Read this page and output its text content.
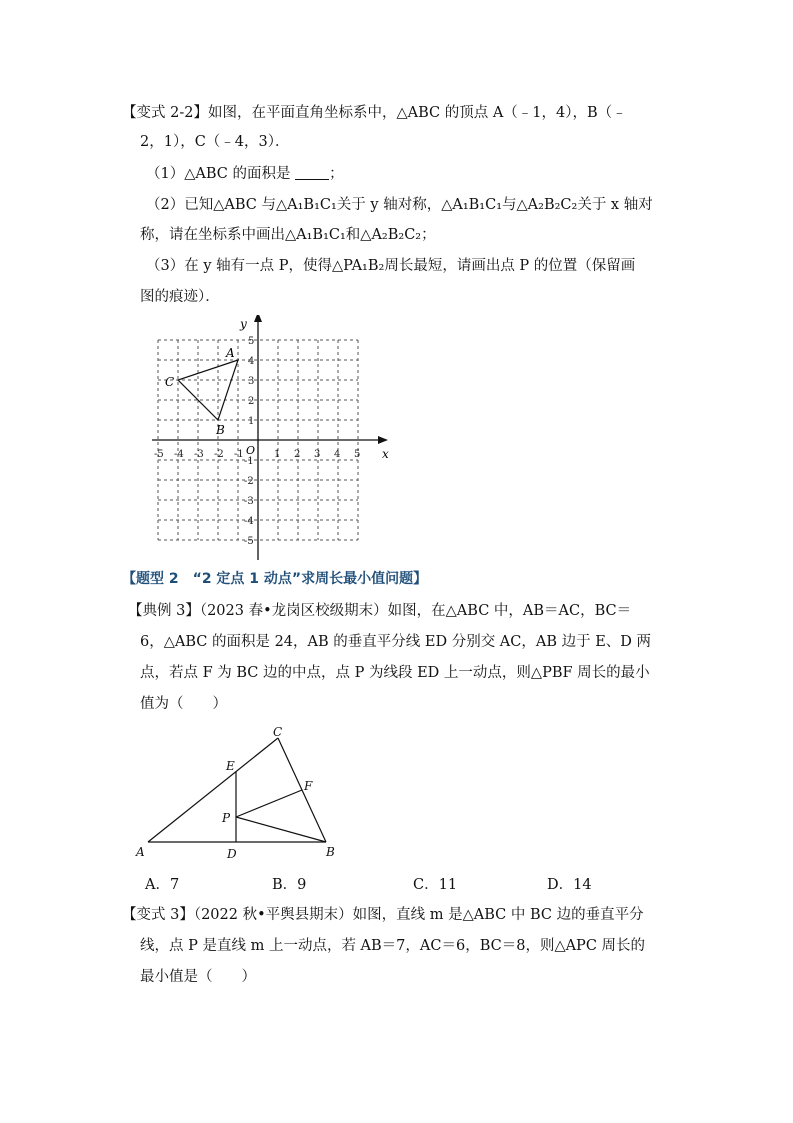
【变式 2-2】如图，在平面直角坐标系中，△ABC 的顶点 A（﹣1，4），B（﹣
2，1），C（﹣4，3）．
（1）△ABC 的面积是	；
（2）已知△ABC 与△A₁B₁C₁关于 y 轴对称，△A₁B₁C₁与△A₂B₂C₂关于 x 轴对
称，请在坐标系中画出△A₁B₁C₁和△A₂B₂C₂；
（3）在 y 轴有一点 P，使得△PA₁B₂周长最短，请画出点 P 的位置（保留画
图的痕迹）．
x
y
O
-5 -4 -3 -2 -1	1 2 3 4 5
5
4
3
2
1
-1
-2
-3
-4
-5
A
B
C
【题型 2　“2 定点 1 动点”求周长最小值问题】
【典例 3】（2023 春•龙岗区校级期末）如图，在△ABC 中，AB＝AC，BC＝
6，△ABC 的面积是 24，AB 的垂直平分线 ED 分别交 AC，AB 边于 E、D 两
点，若点 F 为 BC 边的中点，点 P 为线段 ED 上一动点，则△PBF 周长的最小
值为（　　）
A	B
C
D
E
F
P
A．7	B．9	C．11	D．14
【变式 3】（2022 秋•平舆县期末）如图，直线 m 是△ABC 中 BC 边的垂直平分
线，点 P 是直线 m 上一动点，若 AB＝7，AC＝6，BC＝8，则△APC 周长的
最小值是（　　）
